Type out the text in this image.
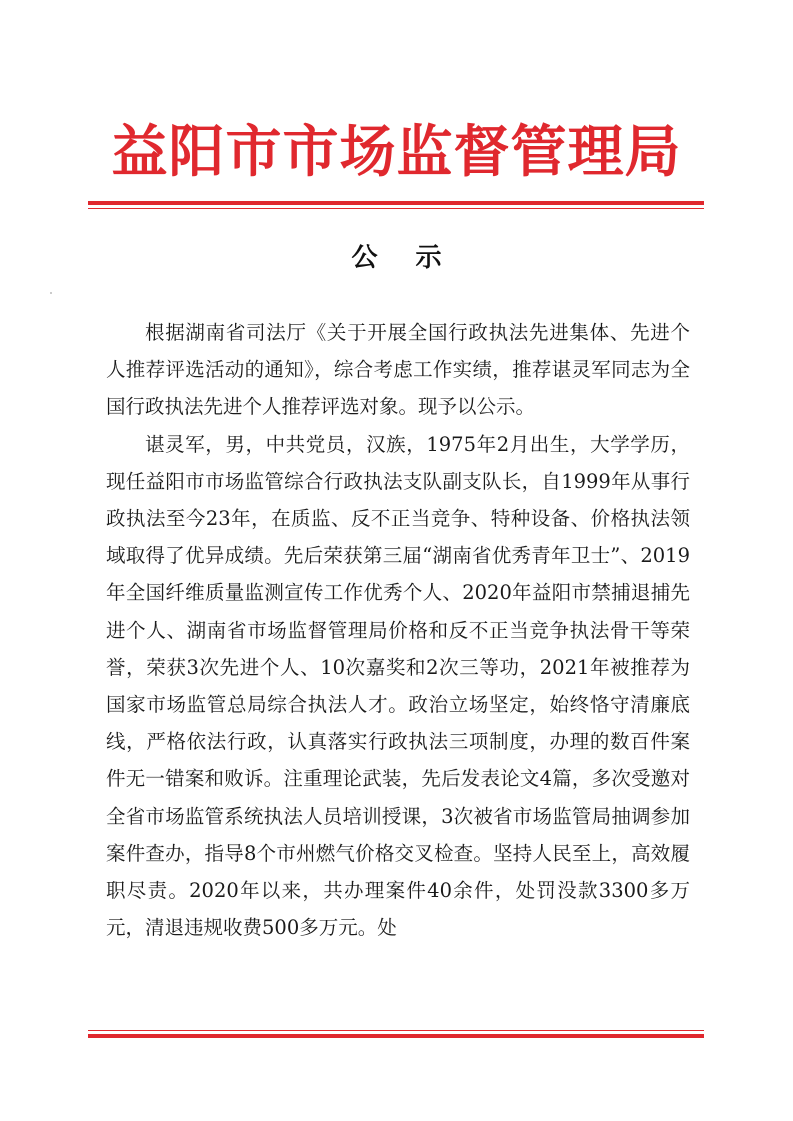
益阳市市场监督管理局
公示

根据湖南省司法厅《关于开展全国行政执法先进集体、先进个人推荐评选活动的通知》，综合考虑工作实绩，推荐谌灵军同志为全国行政执法先进个人推荐评选对象。现予以公示。

谌灵军，男，中共党员，汉族，1975年2月出生，大学学历，现任益阳市市场监管综合行政执法支队副支队长，自1999年从事行政执法至今23年，在质监、反不正当竞争、特种设备、价格执法领域取得了优异成绩。先后荣获第三届“湖南省优秀青年卫士”、2019年全国纤维质量监测宣传工作优秀个人、2020年益阳市禁捕退捕先进个人、湖南省市场监督管理局价格和反不正当竞争执法骨干等荣誉，荣获3次先进个人、10次嘉奖和2次三等功，2021年被推荐为国家市场监管总局综合执法人才。政治立场坚定，始终恪守清廉底线，严格依法行政，认真落实行政执法三项制度，办理的数百件案件无一错案和败诉。注重理论武装，先后发表论文4篇，多次受邀对全省市场监管系统执法人员培训授课，3次被省市场监管局抽调参加案件查办，指导8个市州燃气价格交叉检查。坚持人民至上，高效履职尽责。2020年以来，共办理案件40余件，处罚没款3300多万元，清退违规收费500多万元。处
